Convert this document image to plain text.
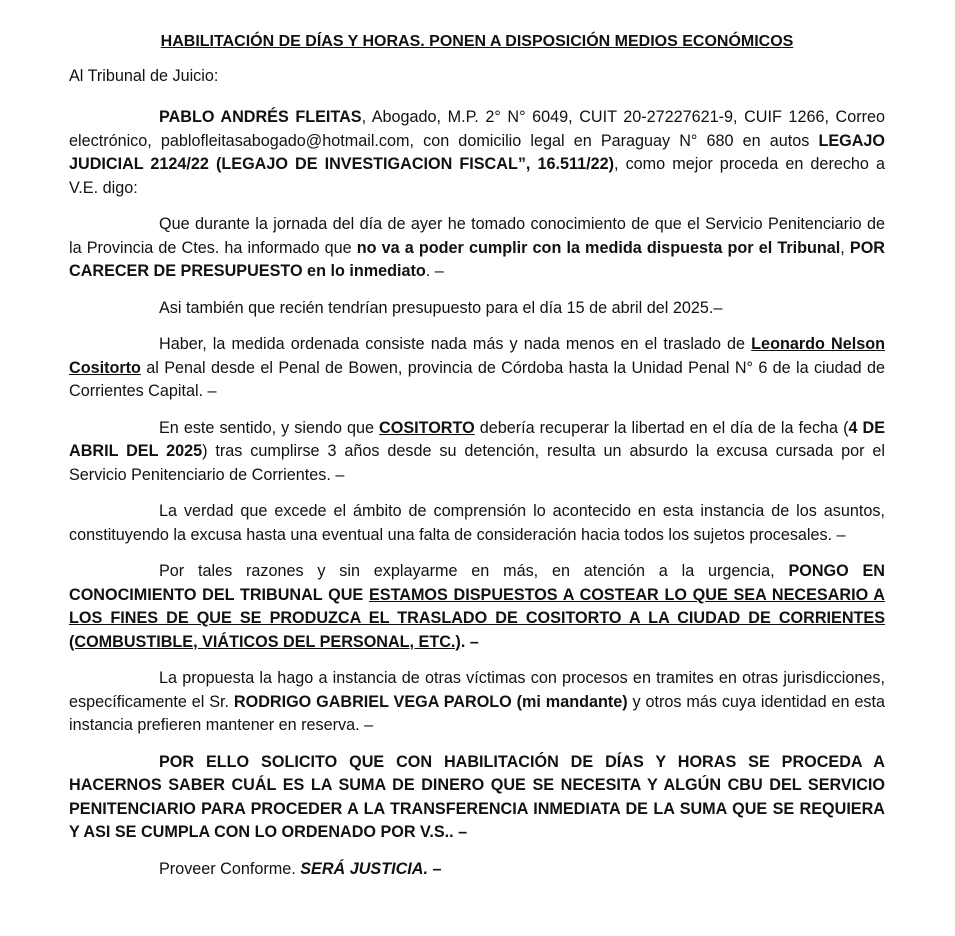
HABILITACIÓN DE DÍAS Y HORAS. PONEN A DISPOSICIÓN MEDIOS ECONÓMICOS
Al Tribunal de Juicio:

PABLO ANDRÉS FLEITAS, Abogado, M.P. 2° N° 6049, CUIT 20-27227621-9, CUIF 1266, Correo electrónico, pablofleitasabogado@hotmail.com, con domicilio legal en Paraguay N° 680 en autos LEGAJO JUDICIAL 2124/22 (LEGAJO DE INVESTIGACION FISCAL”, 16.511/22), como mejor proceda en derecho a V.E. digo:

Que durante la jornada del día de ayer he tomado conocimiento de que el Servicio Penitenciario de la Provincia de Ctes. ha informado que no va a poder cumplir con la medida dispuesta por el Tribunal, POR CARECER DE PRESUPUESTO en lo inmediato. –

Asi también que recién tendrían presupuesto para el día 15 de abril del 2025.–

Haber, la medida ordenada consiste nada más y nada menos en el traslado de Leonardo Nelson Cositorto al Penal desde el Penal de Bowen, provincia de Córdoba hasta la Unidad Penal N° 6 de la ciudad de Corrientes Capital. –

En este sentido, y siendo que COSITORTO debería recuperar la libertad en el día de la fecha (4 DE ABRIL DEL 2025) tras cumplirse 3 años desde su detención, resulta un absurdo la excusa cursada por el Servicio Penitenciario de Corrientes. –

La verdad que excede el ámbito de comprensión lo acontecido en esta instancia de los asuntos, constituyendo la excusa hasta una eventual una falta de consideración hacia todos los sujetos procesales. –

Por tales razones y sin explayarme en más, en atención a la urgencia, PONGO EN CONOCIMIENTO DEL TRIBUNAL QUE ESTAMOS DISPUESTOS A COSTEAR LO QUE SEA NECESARIO A LOS FINES DE QUE SE PRODUZCA EL TRASLADO DE COSITORTO A LA CIUDAD DE CORRIENTES (COMBUSTIBLE, VIÁTICOS DEL PERSONAL, ETC.). –

La propuesta la hago a instancia de otras víctimas con procesos en tramites en otras jurisdicciones, específicamente el Sr. RODRIGO GABRIEL VEGA PAROLO (mi mandante) y otros más cuya identidad en esta instancia prefieren mantener en reserva. –

POR ELLO SOLICITO QUE CON HABILITACIÓN DE DÍAS Y HORAS SE PROCEDA A HACERNOS SABER CUÁL ES LA SUMA DE DINERO QUE SE NECESITA Y ALGÚN CBU DEL SERVICIO PENITENCIARIO PARA PROCEDER A LA TRANSFERENCIA INMEDIATA DE LA SUMA QUE SE REQUIERA Y ASI SE CUMPLA CON LO ORDENADO POR V.S.. –

Proveer Conforme. SERÁ JUSTICIA. –
